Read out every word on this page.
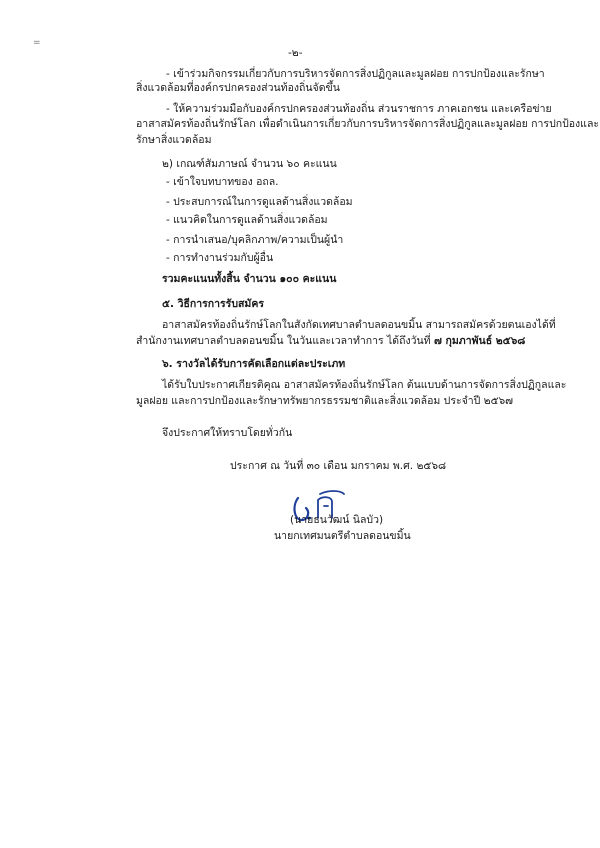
=
-๒-
- เข้าร่วมกิจกรรมเกี่ยวกับการบริหารจัดการสิ่งปฏิกูลและมูลฝอย การปกป้องและรักษา
สิ่งแวดล้อมที่องค์กรปกครองส่วนท้องถิ่นจัดขึ้น
- ให้ความร่วมมือกับองค์กรปกครองส่วนท้องถิ่น ส่วนราชการ ภาคเอกชน และเครือข่าย
อาสาสมัครท้องถิ่นรักษ์โลก เพื่อดำเนินการเกี่ยวกับการบริหารจัดการสิ่งปฏิกูลและมูลฝอย การปกป้องและ
รักษาสิ่งแวดล้อม
๒) เกณฑ์สัมภาษณ์ จำนวน ๖๐ คะแนน
- เข้าใจบทบาทของ อถล.
- ประสบการณ์ในการดูแลด้านสิ่งแวดล้อม
- แนวคิดในการดูแลด้านสิ่งแวดล้อม
- การนำเสนอ/บุคลิกภาพ/ความเป็นผู้นำ
- การทำงานร่วมกับผู้อื่น
รวมคะแนนทั้งสิ้น จำนวน ๑๐๐ คะแนน
๕. วิธีการการรับสมัคร
อาสาสมัครท้องถิ่นรักษ์โลกในสังกัดเทศบาลตำบลดอนขมิ้น สามารถสมัครด้วยตนเองได้ที่
สำนักงานเทศบาลตำบลดอนขมิ้น ในวันและเวลาทำการ ได้ถึงวันที่ ๗ กุมภาพันธ์ ๒๕๖๘
๖. รางวัลได้รับการคัดเลือกแต่ละประเภท
ได้รับใบประกาศเกียรติคุณ อาสาสมัครท้องถิ่นรักษ์โลก ต้นแบบด้านการจัดการสิ่งปฏิกูลและ
มูลฝอย และการปกป้องและรักษาทรัพยากรธรรมชาติและสิ่งแวดล้อม ประจำปี ๒๕๖๗
จึงประกาศให้ทราบโดยทั่วกัน
ประกาศ ณ วันที่ ๓๐ เดือน มกราคม พ.ศ. ๒๕๖๘
(นายธนวัฒน์ นิลบัว)
นายกเทศมนตรีตำบลดอนขมิ้น
